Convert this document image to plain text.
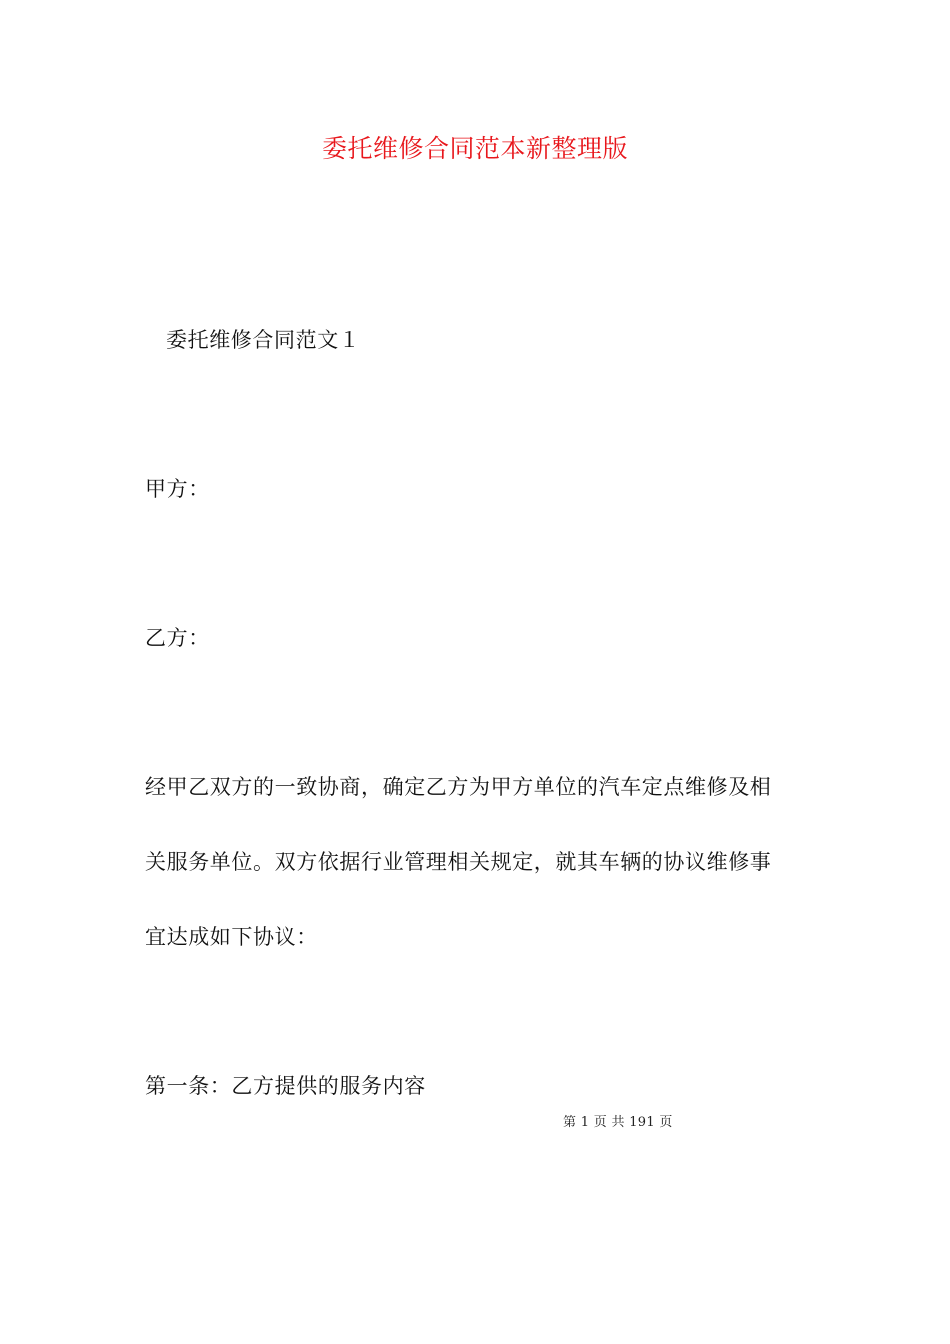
委托维修合同范本新整理版
委托维修合同范文１
甲方：
乙方：
经甲乙双方的一致协商，确定乙方为甲方单位的汽车定点维修及相
关服务单位。双方依据行业管理相关规定，就其车辆的协议维修事
宜达成如下协议：
第一条：乙方提供的服务内容
第 1 页 共 191 页
